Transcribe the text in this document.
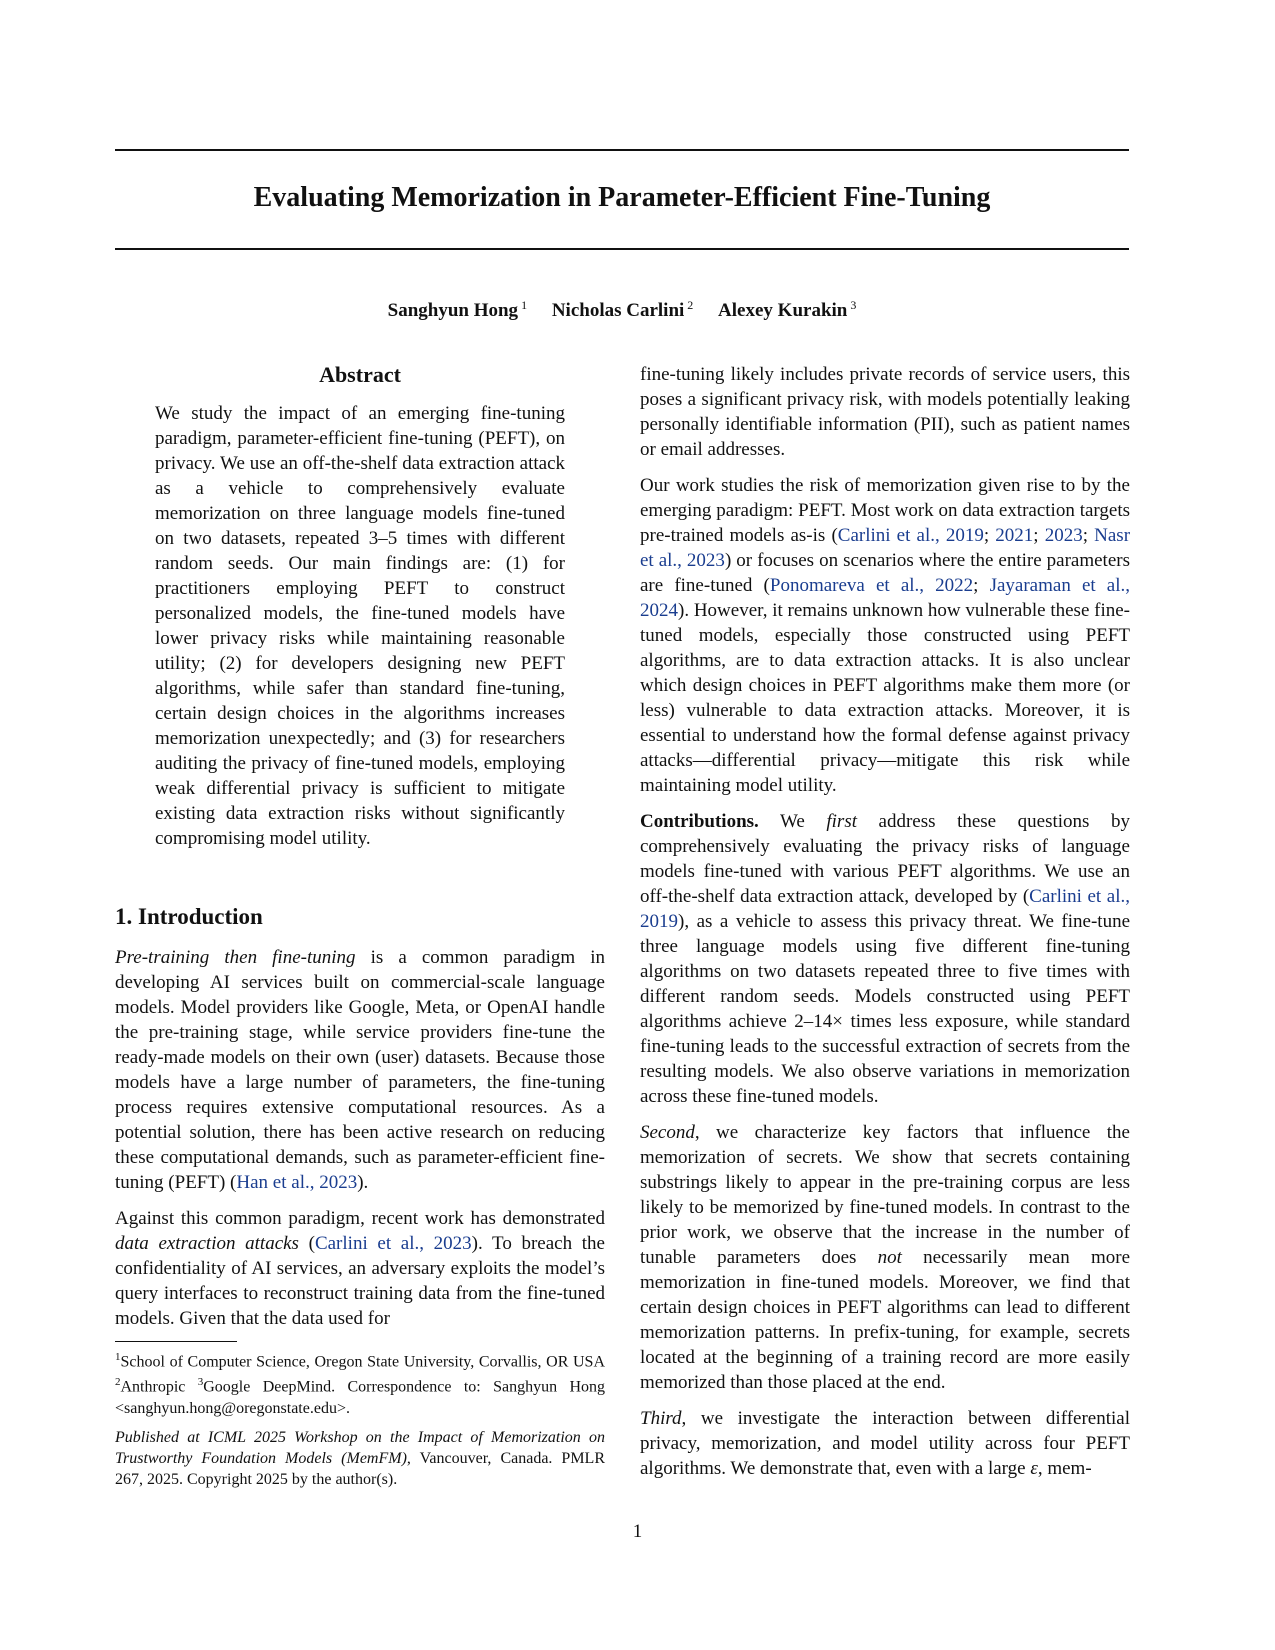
Evaluating Memorization in Parameter-Efficient Fine-Tuning
Sanghyun Hong $^1$ Nicholas Carlini $^2$ Alexey Kurakin $^3$
Abstract
We study the impact of an emerging fine-tuning paradigm, parameter-efficient fine-tuning (PEFT), on privacy. We use an off-the-shelf data extraction attack as a vehicle to comprehensively evaluate memorization on three language models fine-tuned on two datasets, repeated 3–5 times with different random seeds. Our main findings are: (1) for practitioners employing PEFT to construct personalized models, the fine-tuned models have lower privacy risks while maintaining reasonable utility; (2) for developers designing new PEFT algorithms, while safer than standard fine-tuning, certain design choices in the algorithms increases memorization unexpectedly; and (3) for researchers auditing the privacy of fine-tuned models, employing weak differential privacy is sufficient to mitigate existing data extraction risks without significantly compromising model utility.
1. Introduction

Pre-training then fine-tuning is a common paradigm in developing AI services built on commercial-scale language models. Model providers like Google, Meta, or OpenAI handle the pre-training stage, while service providers fine-tune the ready-made models on their own (user) datasets. Because those models have a large number of parameters, the fine-tuning process requires extensive computational resources. As a potential solution, there has been active research on reducing these computational demands, such as parameter-efficient fine-tuning (PEFT) (Han et al., 2023).

Against this common paradigm, recent work has demonstrated data extraction attacks (Carlini et al., 2023). To breach the confidentiality of AI services, an adversary exploits the model’s query interfaces to reconstruct training data from the fine-tuned models. Given that the data used for

fine-tuning likely includes private records of service users, this poses a significant privacy risk, with models potentially leaking personally identifiable information (PII), such as patient names or email addresses.

Our work studies the risk of memorization given rise to by the emerging paradigm: PEFT. Most work on data extraction targets pre-trained models as-is (Carlini et al., 2019; 2021; 2023; Nasr et al., 2023) or focuses on scenarios where the entire parameters are fine-tuned (Ponomareva et al., 2022; Jayaraman et al., 2024). However, it remains unknown how vulnerable these fine-tuned models, especially those constructed using PEFT algorithms, are to data extraction attacks. It is also unclear which design choices in PEFT algorithms make them more (or less) vulnerable to data extraction attacks. Moreover, it is essential to understand how the formal defense against privacy attacks—differential privacy—mitigate this risk while maintaining model utility.

Contributions. We first address these questions by comprehensively evaluating the privacy risks of language models fine-tuned with various PEFT algorithms. We use an off-the-shelf data extraction attack, developed by (Carlini et al., 2019), as a vehicle to assess this privacy threat. We fine-tune three language models using five different fine-tuning algorithms on two datasets repeated three to five times with different random seeds. Models constructed using PEFT algorithms achieve 2–14× times less exposure, while standard fine-tuning leads to the successful extraction of secrets from the resulting models. We also observe variations in memorization across these fine-tuned models.

Second, we characterize key factors that influence the memorization of secrets. We show that secrets containing substrings likely to appear in the pre-training corpus are less likely to be memorized by fine-tuned models. In contrast to the prior work, we observe that the increase in the number of tunable parameters does not necessarily mean more memorization in fine-tuned models. Moreover, we find that certain design choices in PEFT algorithms can lead to different memorization patterns. In prefix-tuning, for example, secrets located at the beginning of a training record are more easily memorized than those placed at the end.

Third, we investigate the interaction between differential privacy, memorization, and model utility across four PEFT algorithms. We demonstrate that, even with a large ε, mem-

$^1$School of Computer Science, Oregon State University, Corvallis, OR USA $^2$Anthropic $^3$Google DeepMind. Correspondence to: Sanghyun Hong <sanghyun.hong@oregonstate.edu>.
Published at ICML 2025 Workshop on the Impact of Memorization on Trustworthy Foundation Models (MemFM), Vancouver, Canada. PMLR 267, 2025. Copyright 2025 by the author(s).
1
